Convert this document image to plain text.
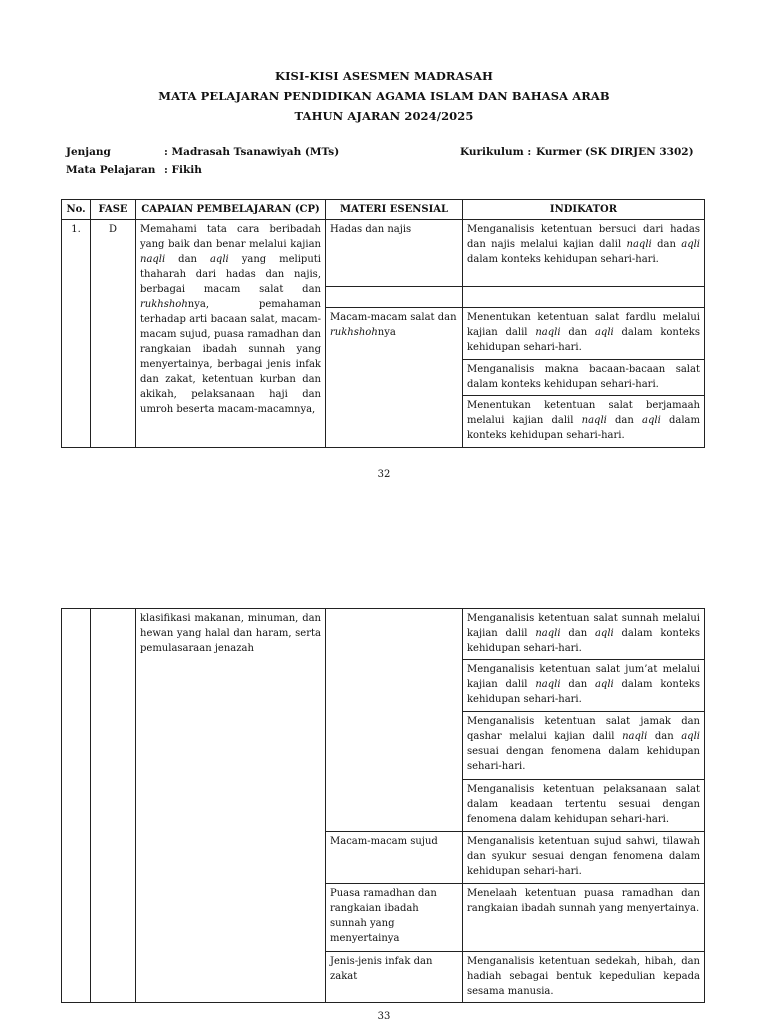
KISI-KISI ASESMEN MADRASAH
MATA PELAJARAN PENDIDIKAN AGAMA ISLAM DAN BAHASA ARAB
TAHUN AJARAN 2024/2025
Jenjang	: Madrasah Tsanawiyah (MTs)	Kurikulum : Kurmer (SK DIRJEN 3302)
Mata Pelajaran : Fikih
No.	FASE	CAPAIAN PEMBELAJARAN (CP)	MATERI ESENSIAL	INDIKATOR
1.	D	Memahami tata cara beribadah yang baik dan benar melalui kajian naqli dan aqli yang meliputi thaharah dari hadas dan najis, berbagai macam salat dan rukhshohnya, pemahaman terhadap arti bacaan salat, macam-macam sujud, puasa ramadhan dan rangkaian ibadah sunnah yang menyertainya, berbagai jenis infak dan zakat, ketentuan kurban dan akikah, pelaksanaan haji dan umroh beserta macam-macamnya,	Hadas dan najis	Menganalisis ketentuan bersuci dari hadas dan najis melalui kajian dalil naqli dan aqli dalam konteks kehidupan sehari-hari.

			Macam-macam salat dan rukhshohnya	Menentukan ketentuan salat fardlu melalui kajian dalil naqli dan aqli dalam konteks kehidupan sehari-hari.
				Menganalisis makna bacaan-bacaan salat dalam konteks kehidupan sehari-hari.
				Menentukan ketentuan salat berjamaah melalui kajian dalil naqli dan aqli dalam konteks kehidupan sehari-hari.
32
		klasifikasi makanan, minuman, dan hewan yang halal dan haram, serta pemulasaraan jenazah		Menganalisis ketentuan salat sunnah melalui kajian dalil naqli dan aqli dalam konteks kehidupan sehari-hari.
				Menganalisis ketentuan salat jum’at melalui kajian dalil naqli dan aqli dalam konteks kehidupan sehari-hari.
				Menganalisis ketentuan salat jamak dan qashar melalui kajian dalil naqli dan aqli sesuai dengan fenomena dalam kehidupan sehari-hari.
				Menganalisis ketentuan pelaksanaan salat dalam keadaan tertentu sesuai dengan fenomena dalam kehidupan sehari-hari.
			Macam-macam sujud	Menganalisis ketentuan sujud sahwi, tilawah dan syukur sesuai dengan fenomena dalam kehidupan sehari-hari.
			Puasa ramadhan dan rangkaian ibadah sunnah yang menyertainya	Menelaah ketentuan puasa ramadhan dan rangkaian ibadah sunnah yang menyertainya.
			Jenis-jenis infak dan zakat	Menganalisis ketentuan sedekah, hibah, dan hadiah sebagai bentuk kepedulian kepada sesama manusia.
33
